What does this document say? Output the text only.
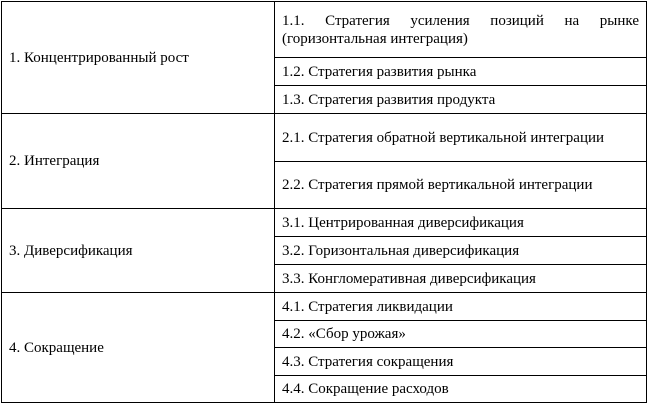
1. Концентрированный рост	1.1. Стратегия усиления позиций на рынке (горизонтальная интеграция)
	1.2. Стратегия развития рынка
	1.3. Стратегия развития продукта
2. Интеграция	2.1. Стратегия обратной вертикальной интеграции
	2.2. Стратегия прямой вертикальной интеграции
3. Диверсификация	3.1. Центрированная диверсификация
	3.2. Горизонтальная диверсификация
	3.3. Конгломеративная диверсификация
4. Сокращение	4.1. Стратегия ликвидации
	4.2. «Сбор урожая»
	4.3. Стратегия сокращения
	4.4. Сокращение расходов
